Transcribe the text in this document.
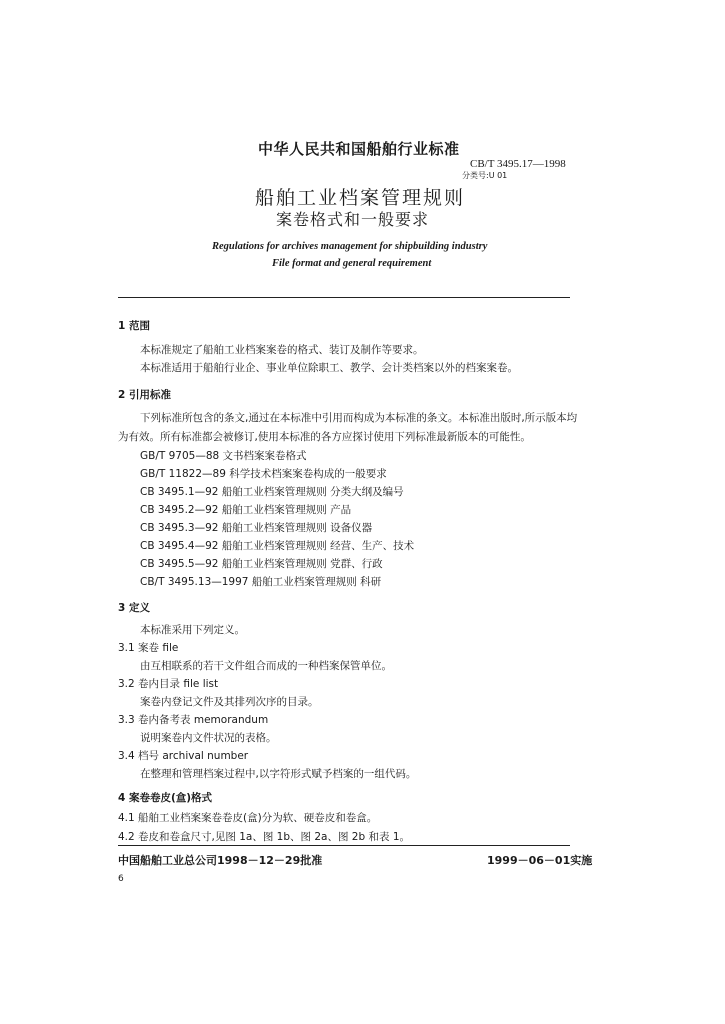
中华人民共和国船舶行业标准
CB/T 3495.17—1998
分类号:U 01
船舶工业档案管理规则
案卷格式和一般要求
Regulations for archives management for shipbuilding industry
File format and general requirement
1 范围
本标准规定了船舶工业档案案卷的格式、装订及制作等要求。
本标准适用于船舶行业企、事业单位除职工、教学、会计类档案以外的档案案卷。
2 引用标准
下列标准所包含的条文,通过在本标准中引用而构成为本标准的条文。本标准出版时,所示版本均
为有效。所有标准都会被修订,使用本标准的各方应探讨使用下列标准最新版本的可能性。
GB/T 9705—88 文书档案案卷格式
GB/T 11822—89 科学技术档案案卷构成的一般要求
CB 3495.1—92 船舶工业档案管理规则 分类大纲及编号
CB 3495.2—92 船舶工业档案管理规则 产品
CB 3495.3—92 船舶工业档案管理规则 设备仪器
CB 3495.4—92 船舶工业档案管理规则 经营、生产、技术
CB 3495.5—92 船舶工业档案管理规则 党群、行政
CB/T 3495.13—1997 船舶工业档案管理规则 科研
3 定义
本标准采用下列定义。
3.1 案卷 file
由互相联系的若干文件组合而成的一种档案保管单位。
3.2 卷内目录 file list
案卷内登记文件及其排列次序的目录。
3.3 卷内备考表 memorandum
说明案卷内文件状况的表格。
3.4 档号 archival number
在整理和管理档案过程中,以字符形式赋予档案的一组代码。
4 案卷卷皮(盒)格式
4.1 船舶工业档案案卷卷皮(盒)分为软、硬卷皮和卷盒。
4.2 卷皮和卷盒尺寸,见图 1a、图 1b、图 2a、图 2b 和表 1。
中国船舶工业总公司1998－12－29批准	1999－06－01实施
6
